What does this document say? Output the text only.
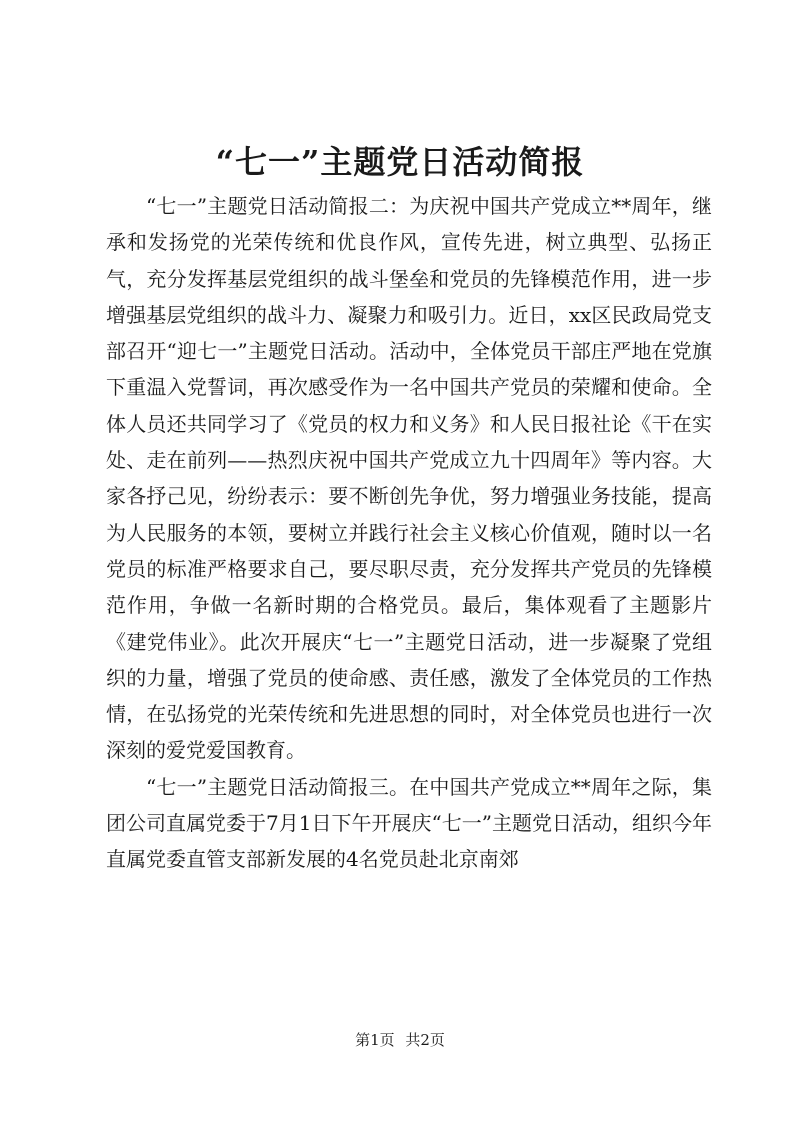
“七一”主题党日活动简报

“七一”主题党日活动简报二：为庆祝中国共产党成立**周年，继承和发扬党的光荣传统和优良作风，宣传先进，树立典型、弘扬正气，充分发挥基层党组织的战斗堡垒和党员的先锋模范作用，进一步增强基层党组织的战斗力、凝聚力和吸引力。近日，xx区民政局党支部召开“迎七一”主题党日活动。活动中，全体党员干部庄严地在党旗下重温入党誓词，再次感受作为一名中国共产党员的荣耀和使命。全体人员还共同学习了《党员的权力和义务》和人民日报社论《干在实处、走在前列——热烈庆祝中国共产党成立九十四周年》等内容。大家各抒己见，纷纷表示：要不断创先争优，努力增强业务技能，提高为人民服务的本领，要树立并践行社会主义核心价值观，随时以一名党员的标准严格要求自己，要尽职尽责，充分发挥共产党员的先锋模范作用，争做一名新时期的合格党员。最后，集体观看了主题影片《建党伟业》。此次开展庆“七一”主题党日活动，进一步凝聚了党组织的力量，增强了党员的使命感、责任感，激发了全体党员的工作热情，在弘扬党的光荣传统和先进思想的同时，对全体党员也进行一次深刻的爱党爱国教育。

“七一”主题党日活动简报三。在中国共产党成立**周年之际，集团公司直属党委于7月1日下午开展庆“七一”主题党日活动，组织今年直属党委直管支部新发展的4名党员赴北京南郊

第1页 共2页
